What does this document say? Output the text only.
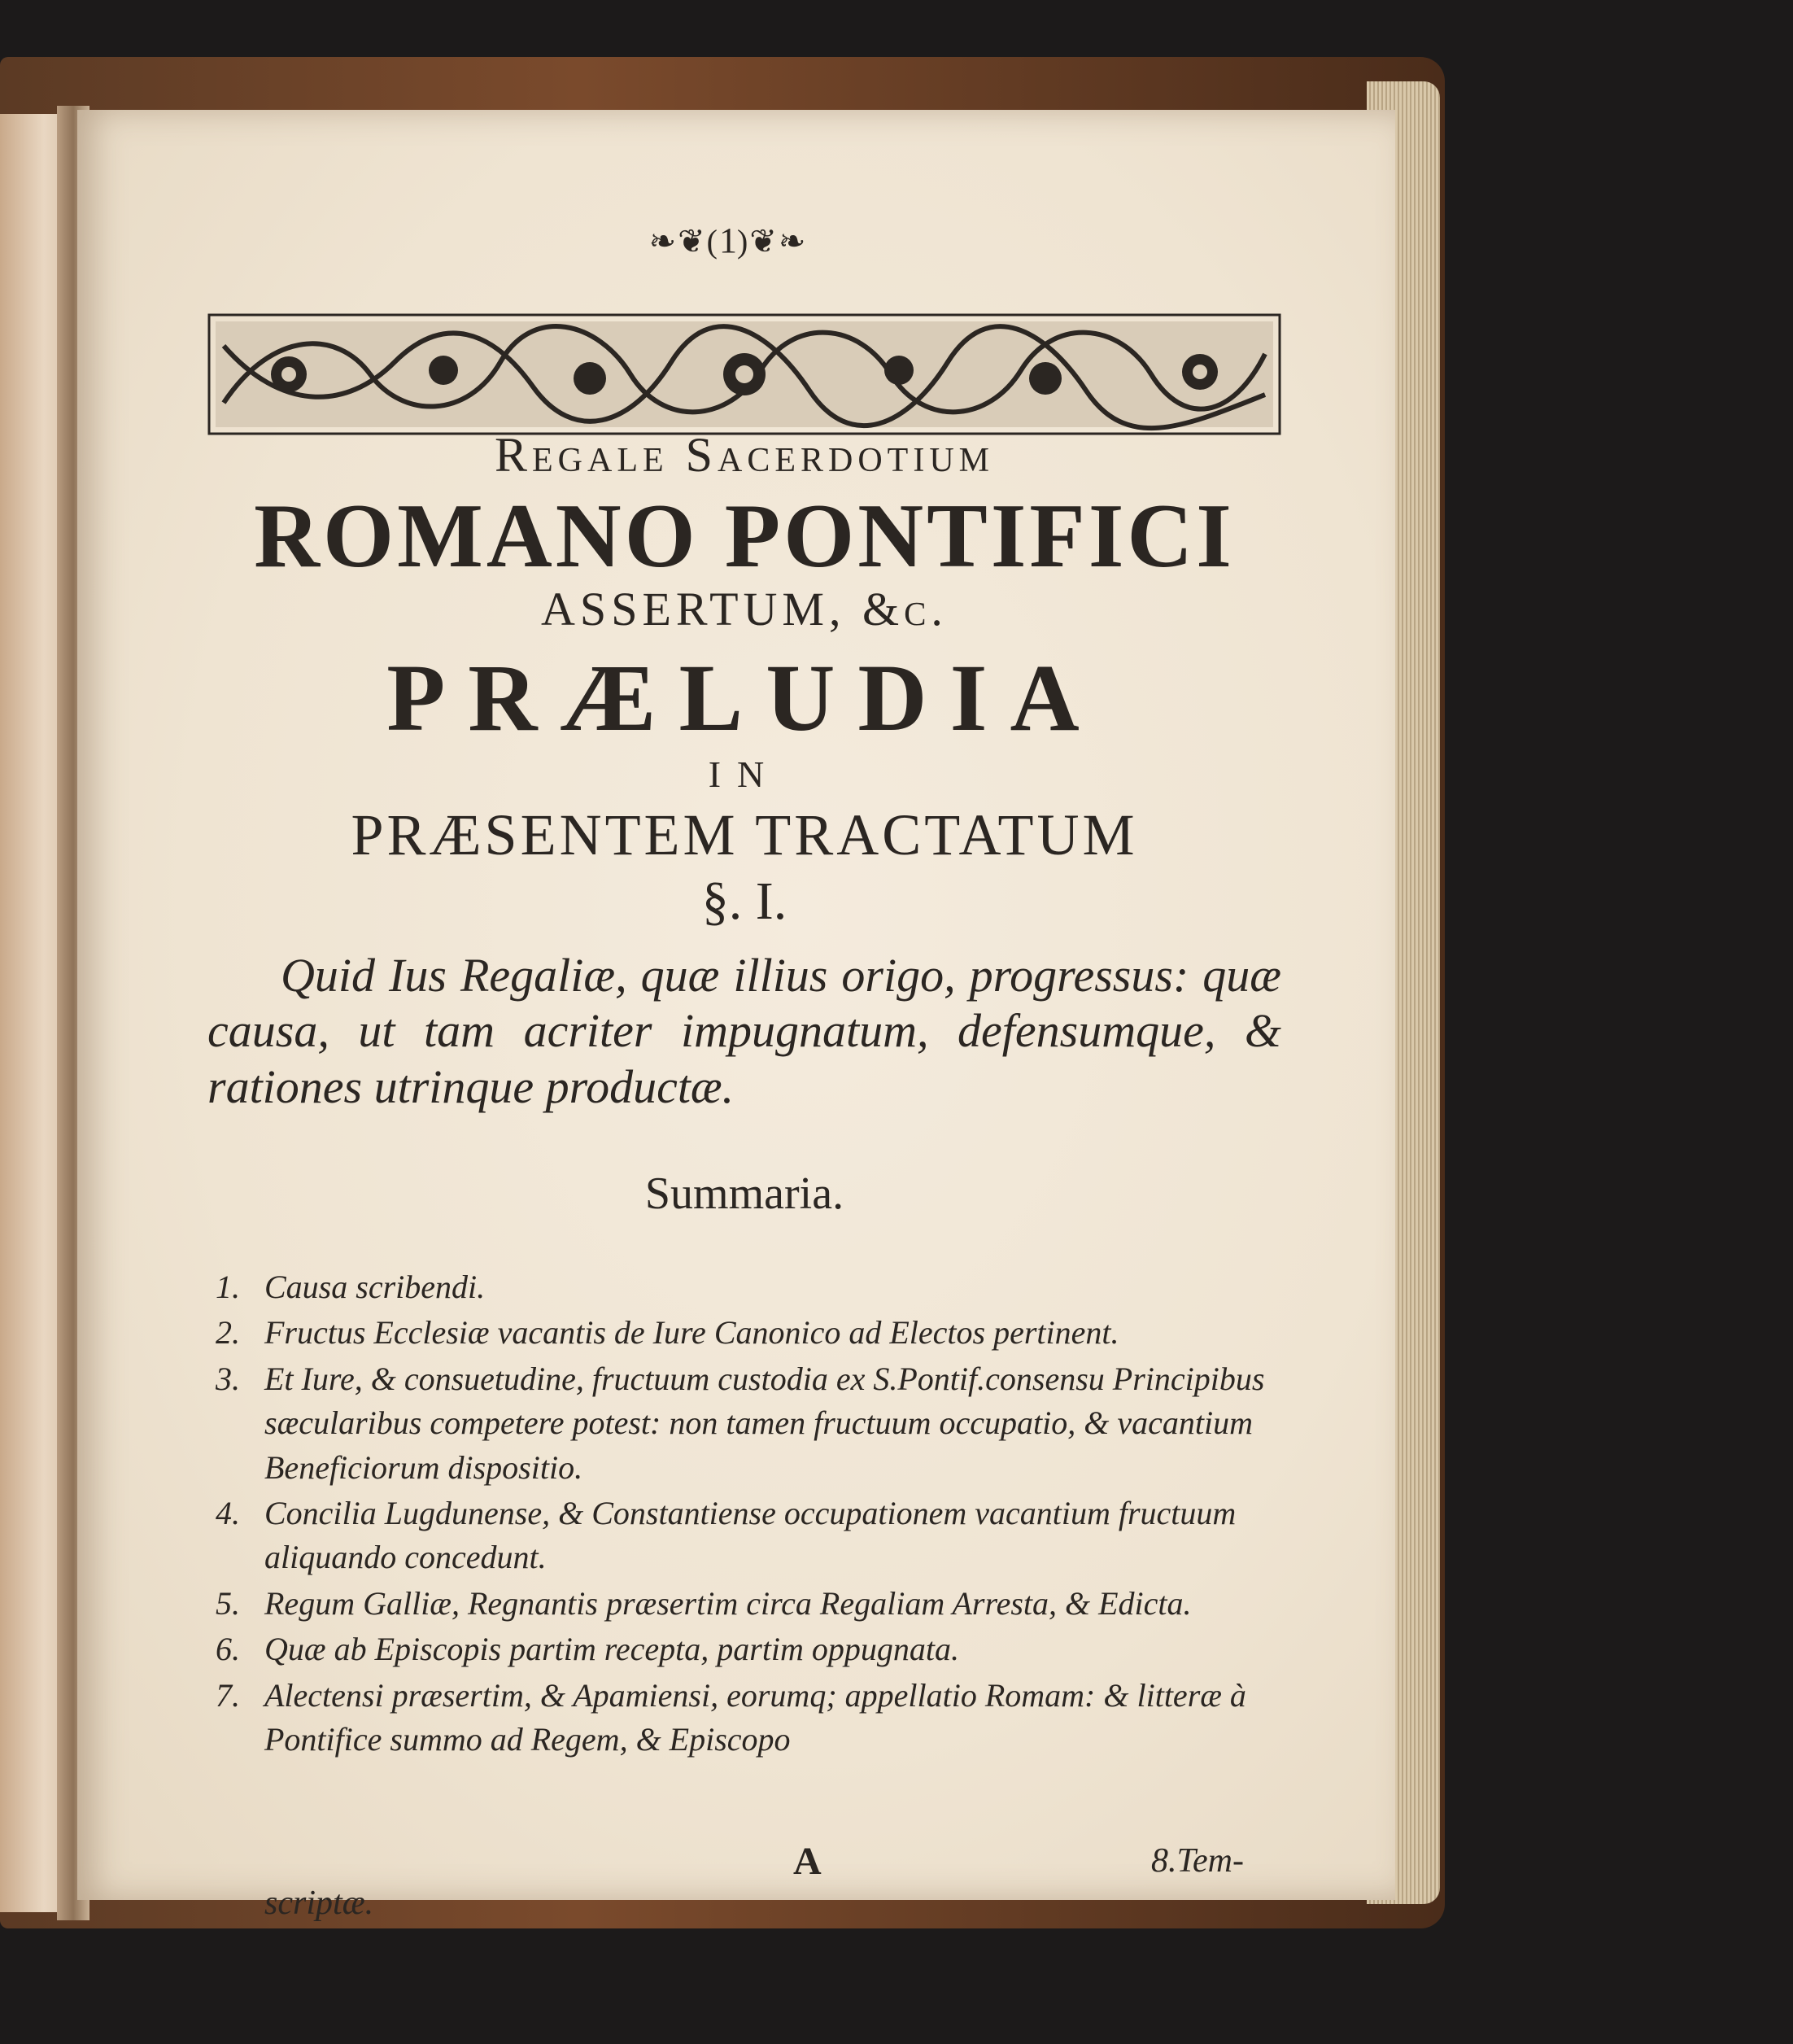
❧❦(1)❦❧
Regale Sacerdotium
ROMANO PONTIFICI
ASSERTUM, &c.
PRÆLUDIA
IN
PRÆSENTEM TRACTATUM
§. I.
Quid Ius Regaliæ, quæ illius origo, progressus: quæ causa, ut tam acriter impugnatum, defensumque, & rationes utrinque productæ.
Summaria.
1. Causa scribendi.
2. Fructus Ecclesiæ vacantis de Iure Canonico ad Electos pertinent.
3. Et Iure, & consuetudine, fructuum custodia ex S.Pontif.consensu Principibus sæcularibus competere potest: non tamen fructuum occupatio, & vacantium Beneficiorum dispositio.
4. Concilia Lugdunense, & Constantiense occupationem vacantium fructuum aliquando concedunt.
5. Regum Galliæ, Regnantis præsertim circa Regaliam Arresta, & Edicta.
6. Quæ ab Episcopis partim recepta, partim oppugnata.
7. Alectensi præsertim, & Apamiensi, eorumq; appellatio Romam: & litteræ à Pontifice summo ad Regem, & Episcopo
scriptæ.
A	8.Tem-
